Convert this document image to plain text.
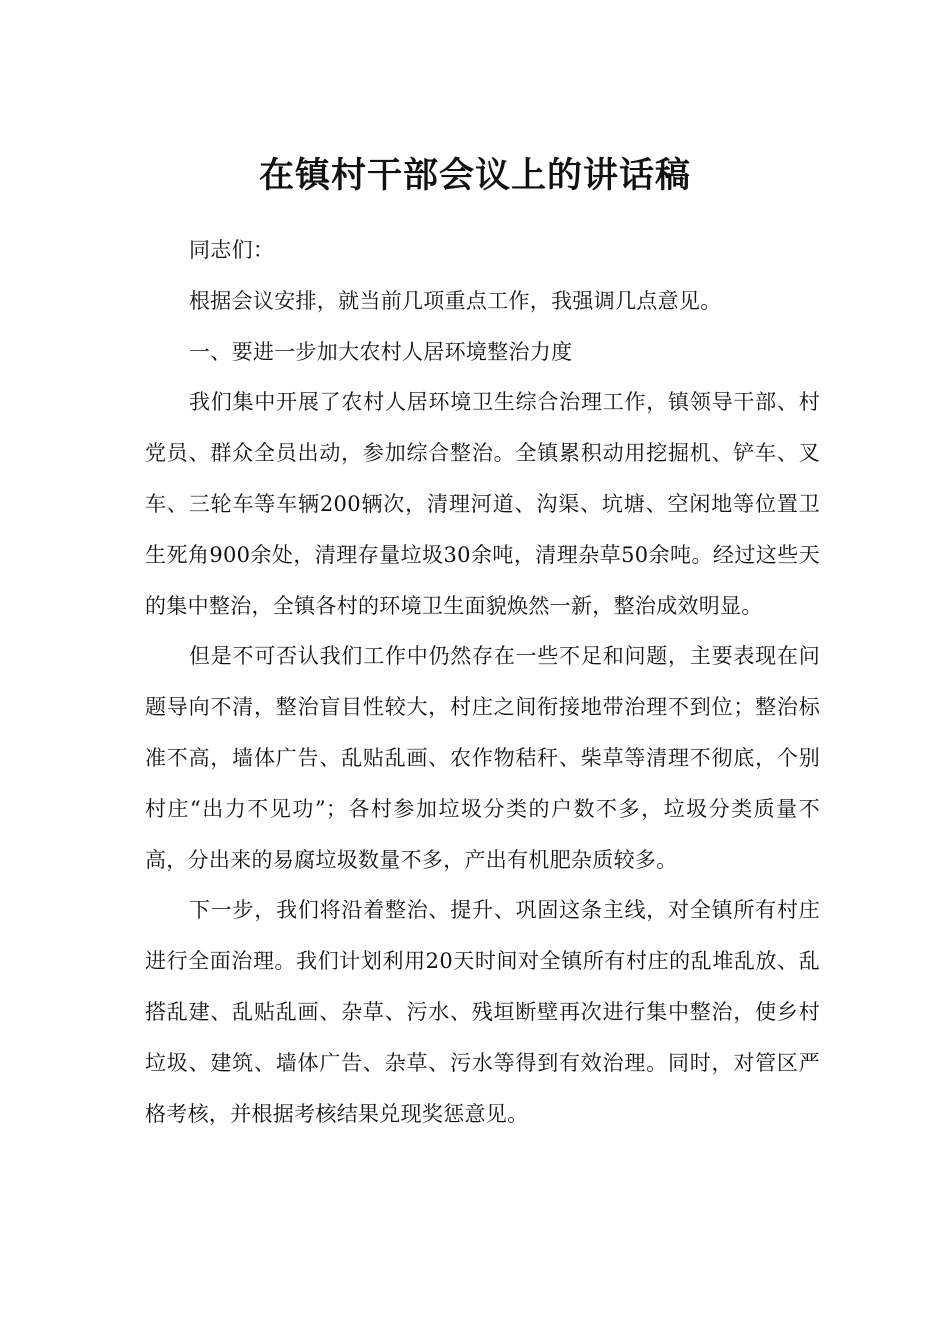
在镇村干部会议上的讲话稿

同志们：

根据会议安排，就当前几项重点工作，我强调几点意见。

一、要进一步加大农村人居环境整治力度

我们集中开展了农村人居环境卫生综合治理工作，镇领导干部、村党员、群众全员出动，参加综合整治。全镇累积动用挖掘机、铲车、叉车、三轮车等车辆200辆次，清理河道、沟渠、坑塘、空闲地等位置卫生死角900余处，清理存量垃圾30余吨，清理杂草50余吨。经过这些天的集中整治，全镇各村的环境卫生面貌焕然一新，整治成效明显。

但是不可否认我们工作中仍然存在一些不足和问题，主要表现在问题导向不清，整治盲目性较大，村庄之间衔接地带治理不到位；整治标准不高，墙体广告、乱贴乱画、农作物秸秆、柴草等清理不彻底，个别村庄“出力不见功”；各村参加垃圾分类的户数不多，垃圾分类质量不高，分出来的易腐垃圾数量不多，产出有机肥杂质较多。

下一步，我们将沿着整治、提升、巩固这条主线，对全镇所有村庄进行全面治理。我们计划利用20天时间对全镇所有村庄的乱堆乱放、乱搭乱建、乱贴乱画、杂草、污水、残垣断壁再次进行集中整治，使乡村垃圾、建筑、墙体广告、杂草、污水等得到有效治理。同时，对管区严格考核，并根据考核结果兑现奖惩意见。
